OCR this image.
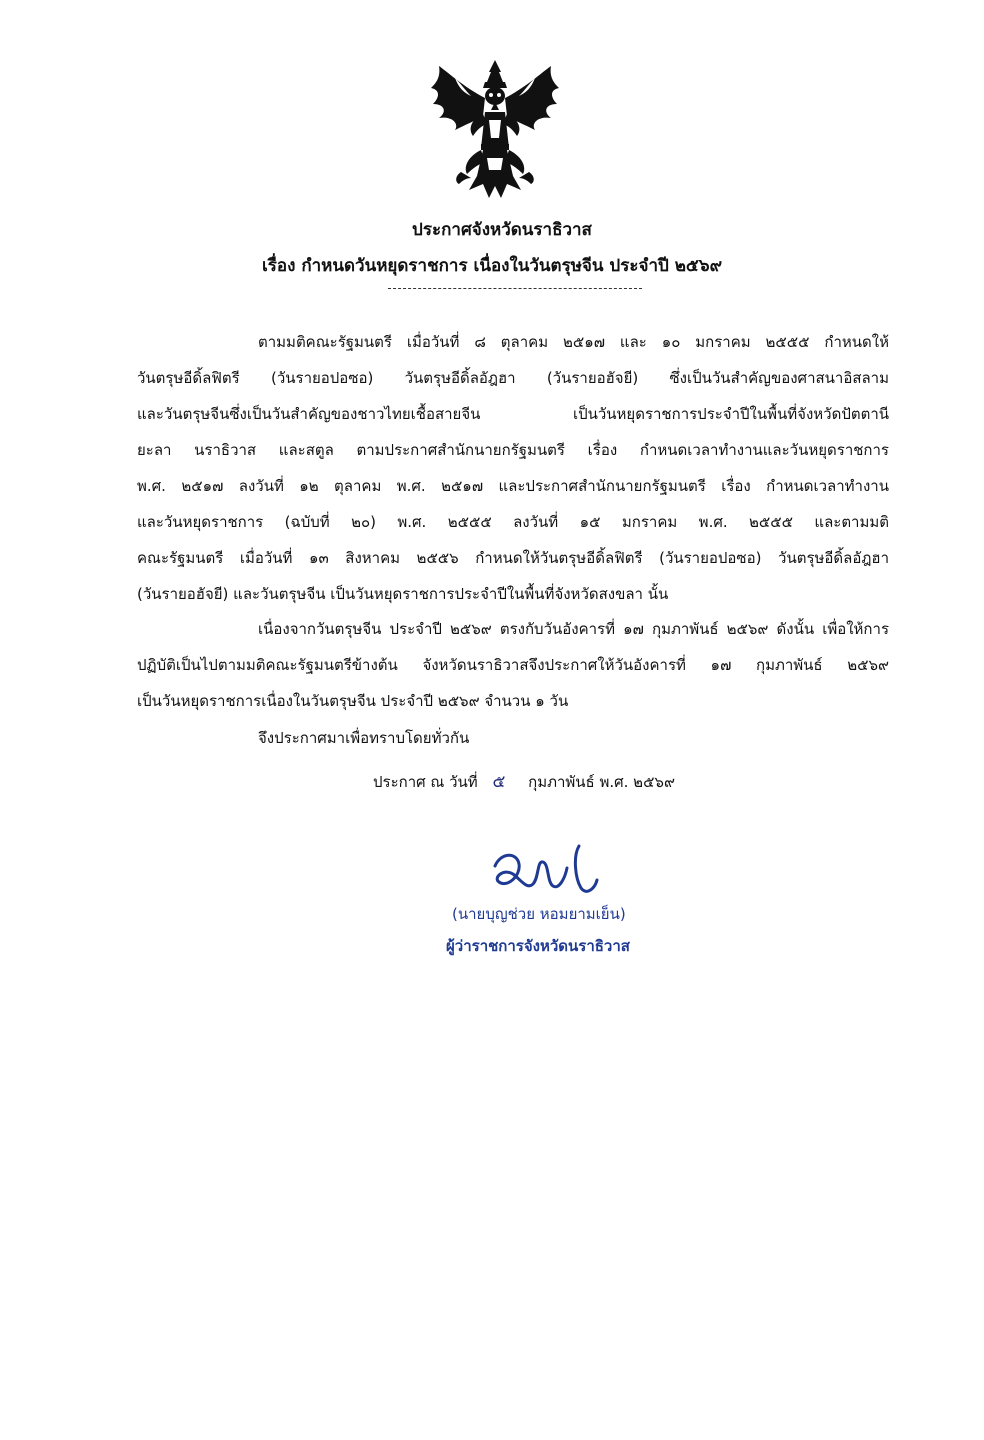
ประกาศจังหวัดนราธิวาส
เรื่อง กำหนดวันหยุดราชการ เนื่องในวันตรุษจีน ประจำปี ๒๕๖๙
ตามมติคณะรัฐมนตรี เมื่อวันที่ ๘ ตุลาคม ๒๕๑๗ และ ๑๐ มกราคม ๒๕๕๕ กำหนดให้
วันตรุษอีดิ้ลฟิตรี (วันรายอปอซอ) วันตรุษอีดิ้ลอัฎฮา (วันรายอฮัจยี) ซึ่งเป็นวันสำคัญของศาสนาอิสลาม
และวันตรุษจีนซึ่งเป็นวันสำคัญของชาวไทยเชื้อสายจีน เป็นวันหยุดราชการประจำปีในพื้นที่จังหวัดปัตตานี
ยะลา นราธิวาส และสตูล ตามประกาศสำนักนายกรัฐมนตรี เรื่อง กำหนดเวลาทำงานและวันหยุดราชการ
พ.ศ. ๒๕๑๗ ลงวันที่ ๑๒ ตุลาคม พ.ศ. ๒๕๑๗ และประกาศสำนักนายกรัฐมนตรี เรื่อง กำหนดเวลาทำงาน
และวันหยุดราชการ (ฉบับที่ ๒๐) พ.ศ. ๒๕๕๕ ลงวันที่ ๑๕ มกราคม พ.ศ. ๒๕๕๕ และตามมติ
คณะรัฐมนตรี เมื่อวันที่ ๑๓ สิงหาคม ๒๕๕๖ กำหนดให้วันตรุษอีดิ้ลฟิตรี (วันรายอปอซอ) วันตรุษอีดิ้ลอัฎฮา
(วันรายอฮัจยี) และวันตรุษจีน เป็นวันหยุดราชการประจำปีในพื้นที่จังหวัดสงขลา นั้น
เนื่องจากวันตรุษจีน ประจำปี ๒๕๖๙ ตรงกับวันอังคารที่ ๑๗ กุมภาพันธ์ ๒๕๖๙ ดังนั้น เพื่อให้การ
ปฏิบัติเป็นไปตามมติคณะรัฐมนตรีข้างต้น จังหวัดนราธิวาสจึงประกาศให้วันอังคารที่ ๑๗ กุมภาพันธ์ ๒๕๖๙
เป็นวันหยุดราชการเนื่องในวันตรุษจีน ประจำปี ๒๕๖๙ จำนวน ๑ วัน
จึงประกาศมาเพื่อทราบโดยทั่วกัน
ประกาศ ณ วันที่ ๕ กุมภาพันธ์ พ.ศ. ๒๕๖๙
(นายบุญช่วย หอมยามเย็น)
ผู้ว่าราชการจังหวัดนราธิวาส
